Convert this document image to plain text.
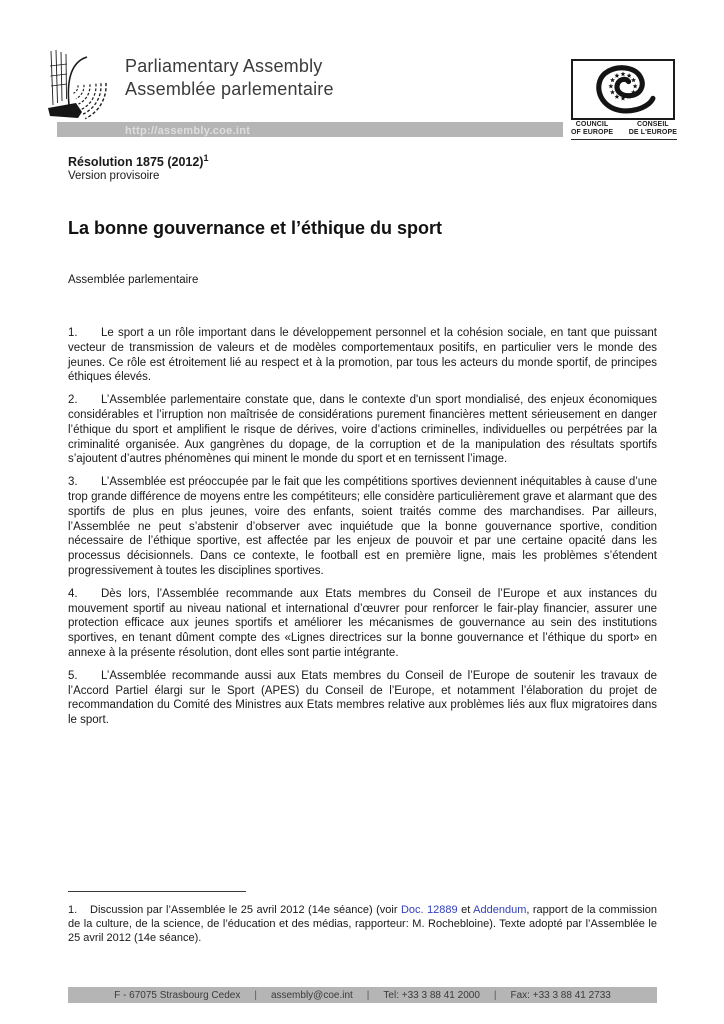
Parliamentary Assembly
Assemblée parlementaire
http://assembly.coe.int
COUNCIL
OF EUROPE
CONSEIL
DE L'EUROPE
Résolution 1875 $(2012)^1$
Version provisoire
La bonne gouvernance et l’éthique du sport
Assemblée parlementaire
1. Le sport a un rôle important dans le développement personnel et la cohésion sociale, en tant que puissant vecteur de transmission de valeurs et de modèles comportementaux positifs, en particulier vers le monde des jeunes. Ce rôle est étroitement lié au respect et à la promotion, par tous les acteurs du monde sportif, de principes éthiques élevés.
2. L’Assemblée parlementaire constate que, dans le contexte d'un sport mondialisé, des enjeux économiques considérables et l’irruption non maîtrisée de considérations purement financières mettent sérieusement en danger l’éthique du sport et amplifient le risque de dérives, voire d’actions criminelles, individuelles ou perpétrées par la criminalité organisée. Aux gangrènes du dopage, de la corruption et de la manipulation des résultats sportifs s’ajoutent d’autres phénomènes qui minent le monde du sport et en ternissent l’image.
3. L’Assemblée est préoccupée par le fait que les compétitions sportives deviennent inéquitables à cause d’une trop grande différence de moyens entre les compétiteurs; elle considère particulièrement grave et alarmant que des sportifs de plus en plus jeunes, voire des enfants, soient traités comme des marchandises. Par ailleurs, l’Assemblée ne peut s’abstenir d’observer avec inquiétude que la bonne gouvernance sportive, condition nécessaire de l’éthique sportive, est affectée par les enjeux de pouvoir et par une certaine opacité dans les processus décisionnels. Dans ce contexte, le football est en première ligne, mais les problèmes s’étendent progressivement à toutes les disciplines sportives.
4. Dès lors, l’Assemblée recommande aux Etats membres du Conseil de l’Europe et aux instances du mouvement sportif au niveau national et international d’œuvrer pour renforcer le fair-play financier, assurer une protection efficace aux jeunes sportifs et améliorer les mécanismes de gouvernance au sein des institutions sportives, en tenant dûment compte des «Lignes directrices sur la bonne gouvernance et l’éthique du sport» en annexe à la présente résolution, dont elles sont partie intégrante.
5. L’Assemblée recommande aussi aux Etats membres du Conseil de l’Europe de soutenir les travaux de l’Accord Partiel élargi sur le Sport (APES) du Conseil de l’Europe, et notamment l’élaboration du projet de recommandation du Comité des Ministres aux Etats membres relative aux problèmes liés aux flux migratoires dans le sport.
1. Discussion par l’Assemblée le 25 avril 2012 (14e séance) (voir Doc. 12889 et Addendum, rapport de la commission de la culture, de la science, de l’éducation et des médias, rapporteur: M. Rochebloine). Texte adopté par l’Assemblée le 25 avril 2012 (14e séance).
F - 67075 Strasbourg Cedex | assembly@coe.int | Tel: +33 3 88 41 2000 | Fax: +33 3 88 41 2733
